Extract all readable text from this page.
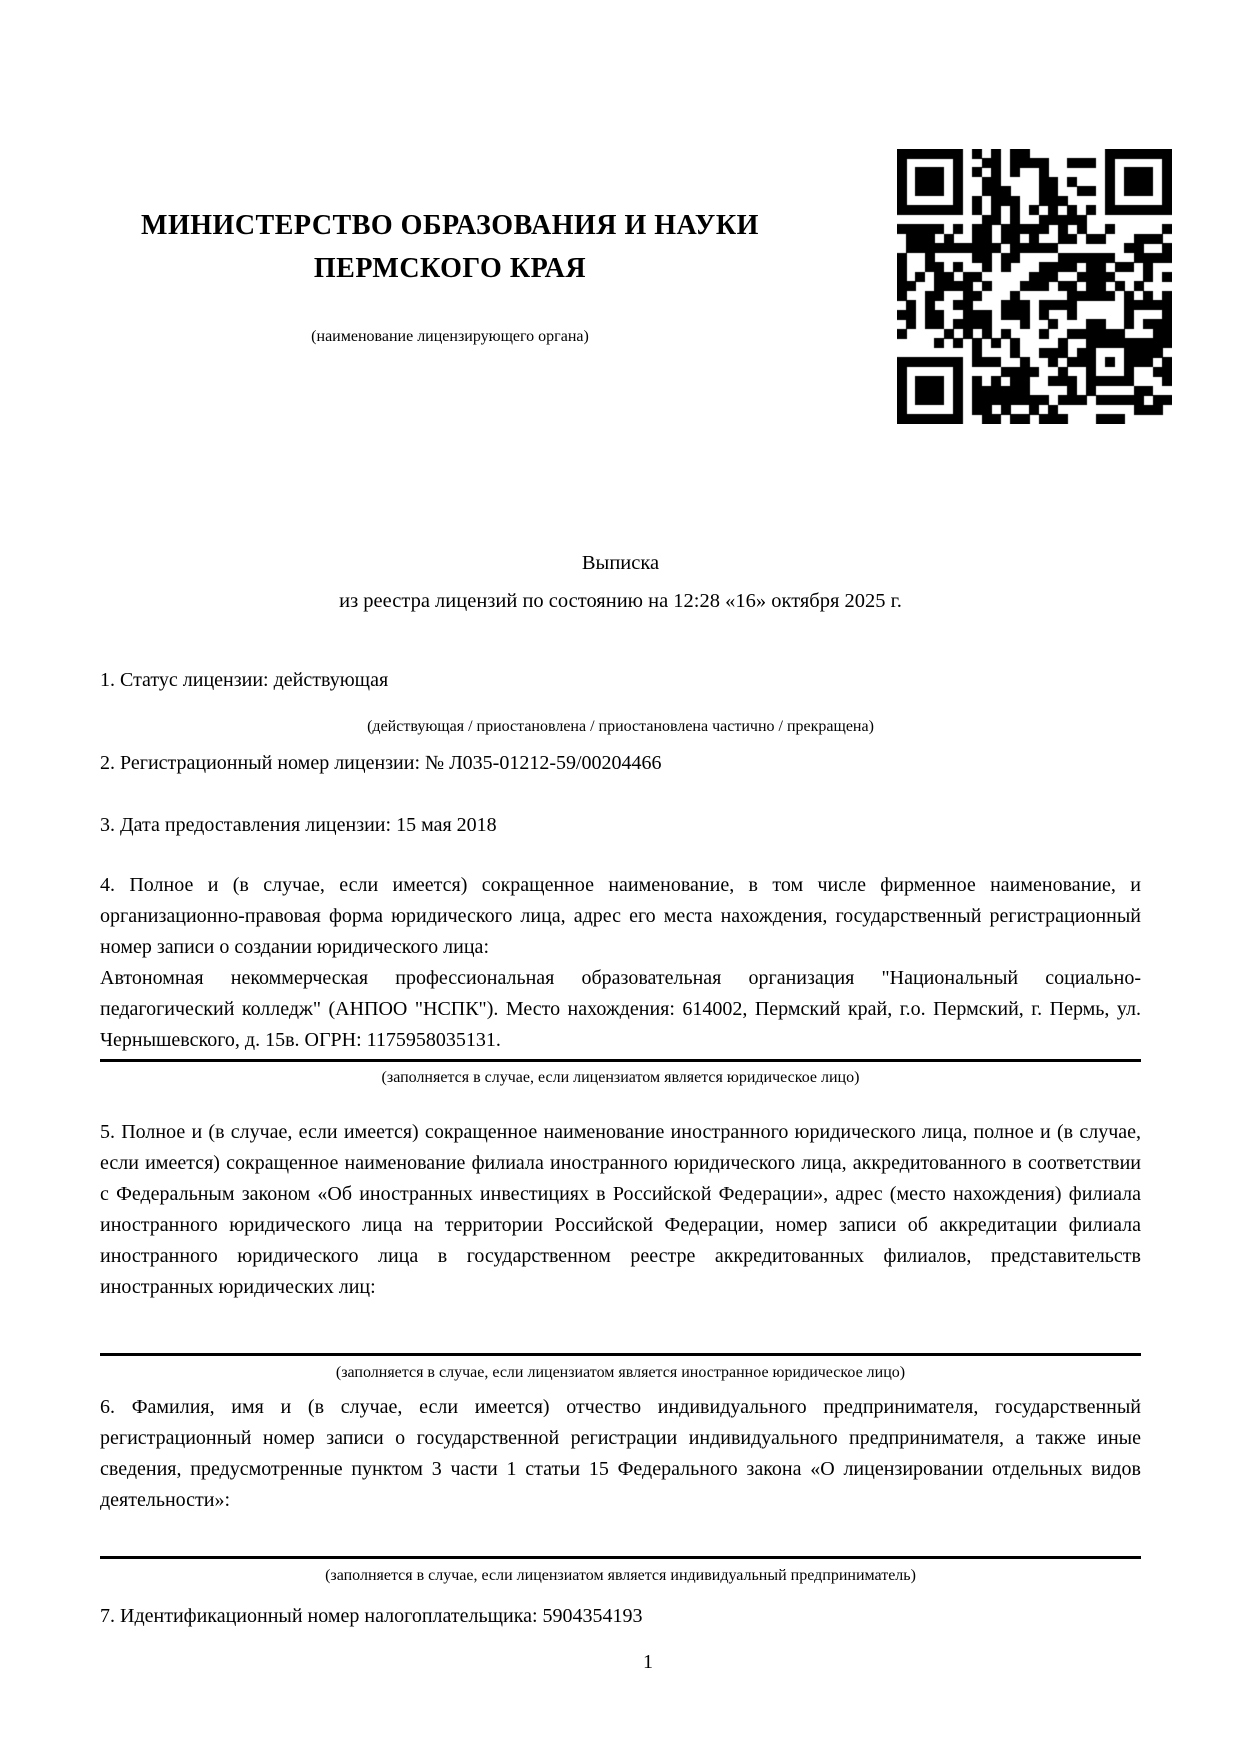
МИНИСТЕРСТВО ОБРАЗОВАНИЯ И НАУКИ
ПЕРМСКОГО КРАЯ
(наименование лицензирующего органа)
Выписка
из реестра лицензий по состоянию на 12:28 «16» октября 2025 г.
1. Статус лицензии: действующая
(действующая / приостановлена / приостановлена частично / прекращена)
2. Регистрационный номер лицензии: № Л035-01212-59/00204466
3. Дата предоставления лицензии: 15 мая 2018
4. Полное и (в случае, если имеется) сокращенное наименование, в том числе фирменное наименование, и организационно-правовая форма юридического лица, адрес его места нахождения, государственный регистрационный номер записи о создании юридического лица:
Автономная некоммерческая профессиональная образовательная организация "Национальный социально-педагогический колледж" (АНПОО "НСПК"). Место нахождения: 614002, Пермский край, г.о. Пермский, г. Пермь, ул. Чернышевского, д. 15в. ОГРН: 1175958035131.
(заполняется в случае, если лицензиатом является юридическое лицо)
5. Полное и (в случае, если имеется) сокращенное наименование иностранного юридического лица, полное и (в случае, если имеется) сокращенное наименование филиала иностранного юридического лица, аккредитованного в соответствии с Федеральным законом «Об иностранных инвестициях в Российской Федерации», адрес (место нахождения) филиала иностранного юридического лица на территории Российской Федерации, номер записи об аккредитации филиала иностранного юридического лица в государственном реестре аккредитованных филиалов, представительств иностранных юридических лиц:
(заполняется в случае, если лицензиатом является иностранное юридическое лицо)
6. Фамилия, имя и (в случае, если имеется) отчество индивидуального предпринимателя, государственный регистрационный номер записи о государственной регистрации индивидуального предпринимателя, а также иные сведения, предусмотренные пунктом 3 части 1 статьи 15 Федерального закона «О лицензировании отдельных видов деятельности»:
(заполняется в случае, если лицензиатом является индивидуальный предприниматель)
7. Идентификационный номер налогоплательщика: 5904354193
1
